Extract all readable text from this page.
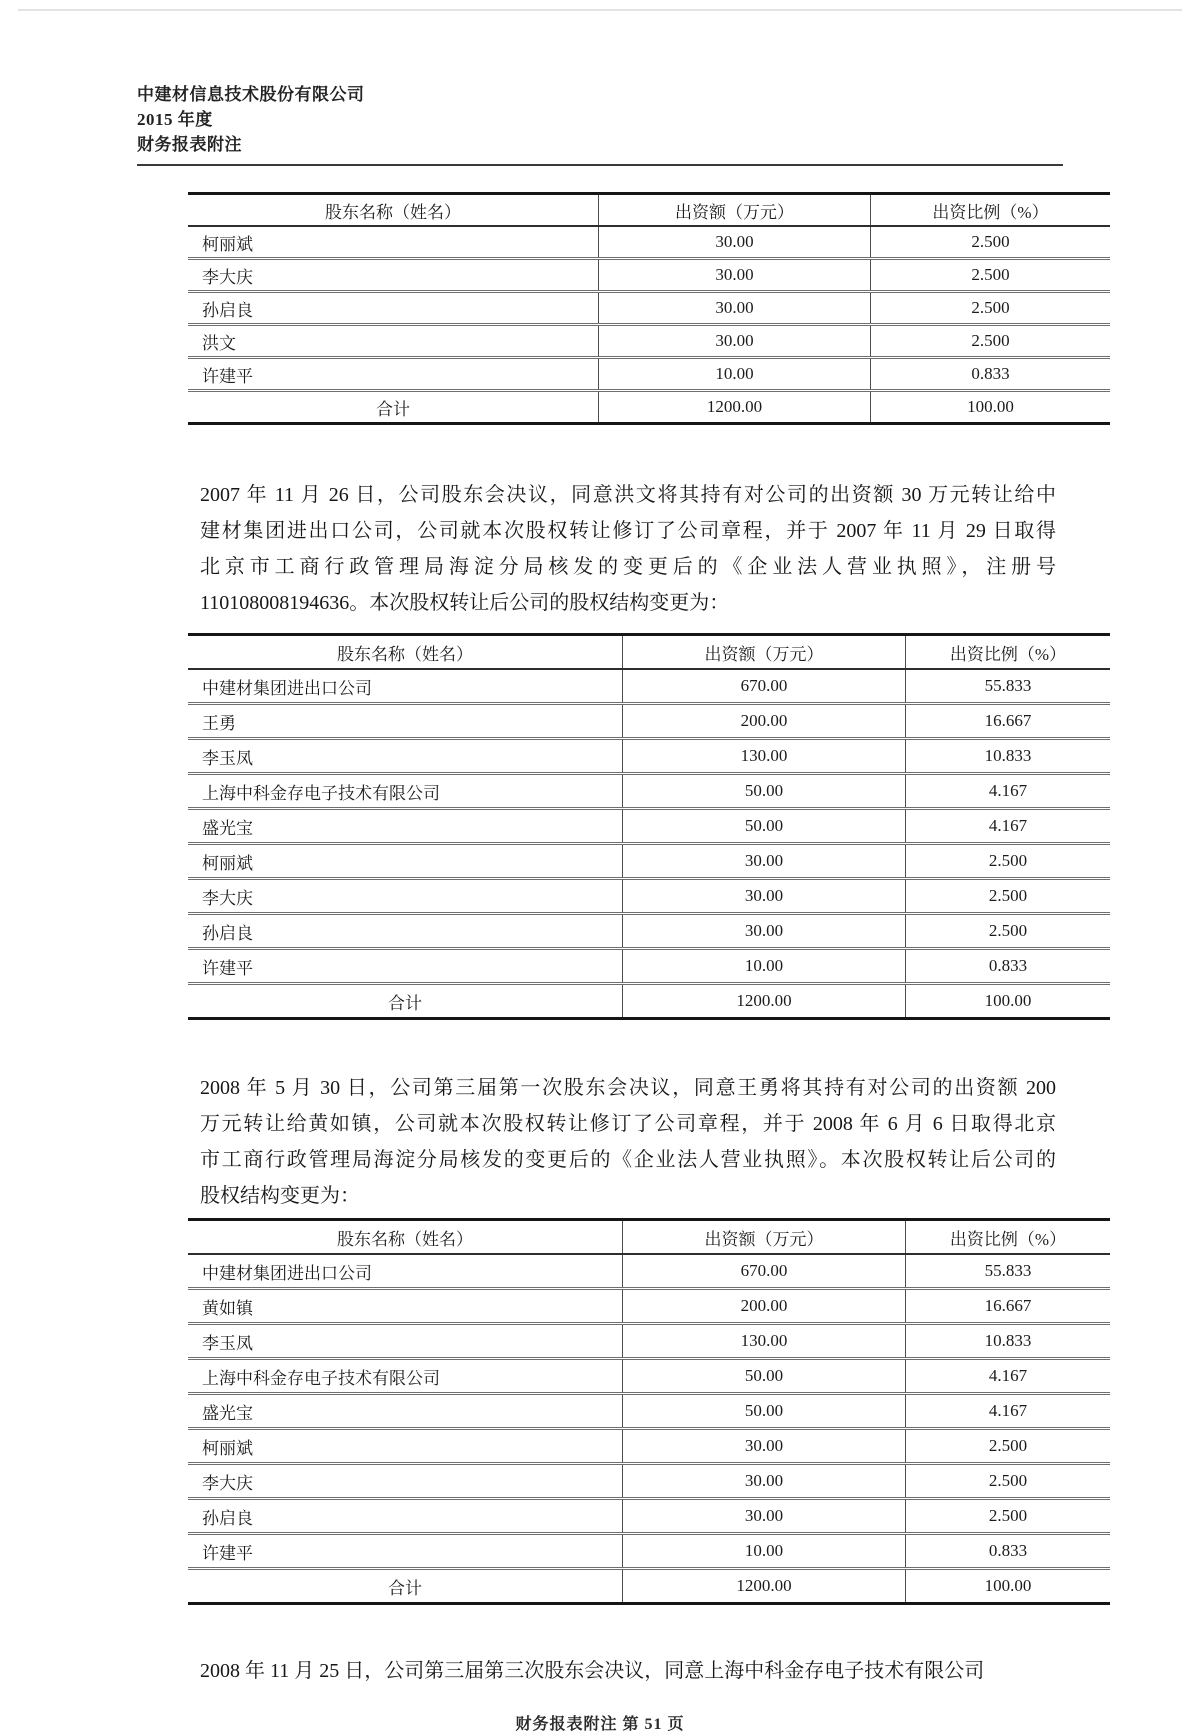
中建材信息技术股份有限公司
2015 年度
财务报表附注
股东名称（姓名）	出资额（万元）	出资比例（%）
柯丽斌	30.00	2.500
李大庆	30.00	2.500
孙启良	30.00	2.500
洪文	30.00	2.500
许建平	10.00	0.833
合计	1200.00	100.00
2007 年 11 月 26 日，公司股东会决议，同意洪文将其持有对公司的出资额 30 万元转让给中
建材集团进出口公司，公司就本次股权转让修订了公司章程，并于 2007 年 11 月 29 日取得
北京市工商行政管理局海淀分局核发的变更后的《企业法人营业执照》，注册号
110108008194636。本次股权转让后公司的股权结构变更为：
股东名称（姓名）	出资额（万元）	出资比例（%）
中建材集团进出口公司	670.00	55.833
王勇	200.00	16.667
李玉凤	130.00	10.833
上海中科金存电子技术有限公司	50.00	4.167
盛光宝	50.00	4.167
柯丽斌	30.00	2.500
李大庆	30.00	2.500
孙启良	30.00	2.500
许建平	10.00	0.833
合计	1200.00	100.00
2008 年 5 月 30 日，公司第三届第一次股东会决议，同意王勇将其持有对公司的出资额 200
万元转让给黄如镇，公司就本次股权转让修订了公司章程，并于 2008 年 6 月 6 日取得北京
市工商行政管理局海淀分局核发的变更后的《企业法人营业执照》。本次股权转让后公司的
股权结构变更为：
股东名称（姓名）	出资额（万元）	出资比例（%）
中建材集团进出口公司	670.00	55.833
黄如镇	200.00	16.667
李玉凤	130.00	10.833
上海中科金存电子技术有限公司	50.00	4.167
盛光宝	50.00	4.167
柯丽斌	30.00	2.500
李大庆	30.00	2.500
孙启良	30.00	2.500
许建平	10.00	0.833
合计	1200.00	100.00
2008 年 11 月 25 日，公司第三届第三次股东会决议，同意上海中科金存电子技术有限公司
财务报表附注 第 51 页
